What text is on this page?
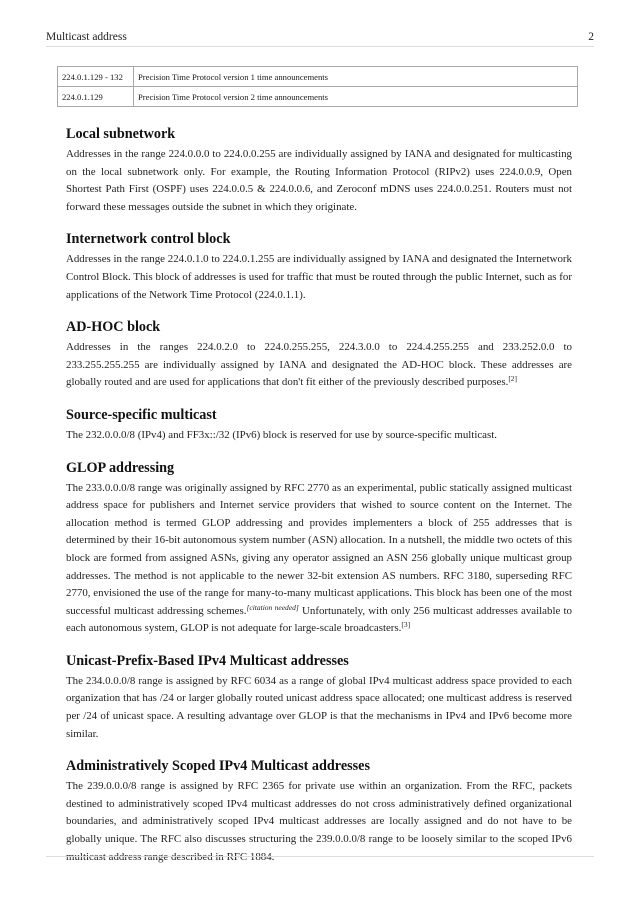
Multicast address	2
224.0.1.129 - 132	Precision Time Protocol version 1 time announcements
224.0.1.129	Precision Time Protocol version 2 time announcements
Local subnetwork

Addresses in the range 224.0.0.0 to 224.0.0.255 are individually assigned by IANA and designated for multicasting on the local subnetwork only. For example, the Routing Information Protocol (RIPv2) uses 224.0.0.9, Open Shortest Path First (OSPF) uses 224.0.0.5 & 224.0.0.6, and Zeroconf mDNS uses 224.0.0.251. Routers must not forward these messages outside the subnet in which they originate.

Internetwork control block

Addresses in the range 224.0.1.0 to 224.0.1.255 are individually assigned by IANA and designated the Internetwork Control Block. This block of addresses is used for traffic that must be routed through the public Internet, such as for applications of the Network Time Protocol (224.0.1.1).

AD-HOC block

Addresses in the ranges 224.0.2.0 to 224.0.255.255, 224.3.0.0 to 224.4.255.255 and 233.252.0.0 to 233.255.255.255 are individually assigned by IANA and designated the AD-HOC block. These addresses are globally routed and are used for applications that don't fit either of the previously described purposes.[2]

Source-specific multicast

The 232.0.0.0/8 (IPv4) and FF3x::/32 (IPv6) block is reserved for use by source-specific multicast.

GLOP addressing

The 233.0.0.0/8 range was originally assigned by RFC 2770 as an experimental, public statically assigned multicast address space for publishers and Internet service providers that wished to source content on the Internet. The allocation method is termed GLOP addressing and provides implementers a block of 255 addresses that is determined by their 16-bit autonomous system number (ASN) allocation. In a nutshell, the middle two octets of this block are formed from assigned ASNs, giving any operator assigned an ASN 256 globally unique multicast group addresses. The method is not applicable to the newer 32-bit extension AS numbers. RFC 3180, superseding RFC 2770, envisioned the use of the range for many-to-many multicast applications. This block has been one of the most successful multicast addressing schemes.[citation needed] Unfortunately, with only 256 multicast addresses available to each autonomous system, GLOP is not adequate for large-scale broadcasters.[3]

Unicast-Prefix-Based IPv4 Multicast addresses

The 234.0.0.0/8 range is assigned by RFC 6034 as a range of global IPv4 multicast address space provided to each organization that has /24 or larger globally routed unicast address space allocated; one multicast address is reserved per /24 of unicast space. A resulting advantage over GLOP is that the mechanisms in IPv4 and IPv6 become more similar.

Administratively Scoped IPv4 Multicast addresses

The 239.0.0.0/8 range is assigned by RFC 2365 for private use within an organization. From the RFC, packets destined to administratively scoped IPv4 multicast addresses do not cross administratively defined organizational boundaries, and administratively scoped IPv4 multicast addresses are locally assigned and do not have to be globally unique. The RFC also discusses structuring the 239.0.0.0/8 range to be loosely similar to the scoped IPv6
